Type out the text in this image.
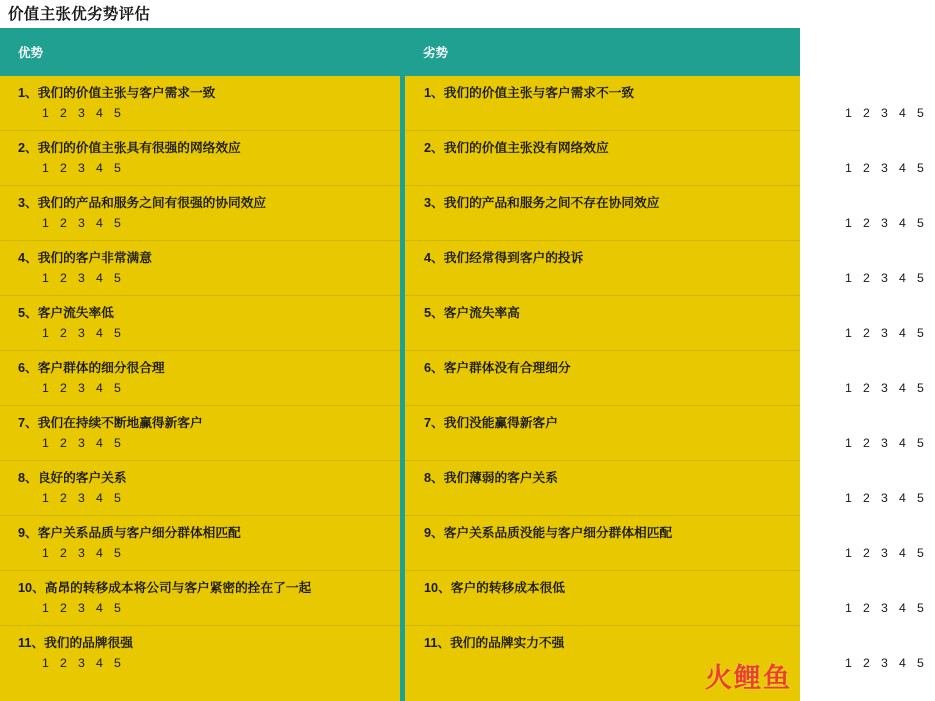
价值主张优劣势评估
优势
1、我们的价值主张与客户需求一致
1 2 3 4 5
2、我们的价值主张具有很强的网络效应
1 2 3 4 5
3、我们的产品和服务之间有很强的协同效应
1 2 3 4 5
4、我们的客户非常满意
1 2 3 4 5
5、客户流失率低
1 2 3 4 5
6、客户群体的细分很合理
1 2 3 4 5
7、我们在持续不断地赢得新客户
1 2 3 4 5
8、良好的客户关系
1 2 3 4 5
9、客户关系品质与客户细分群体相匹配
1 2 3 4 5
10、高昂的转移成本将公司与客户紧密的拴在了一起
1 2 3 4 5
11、我们的品牌很强
1 2 3 4 5
劣势
1、我们的价值主张与客户需求不一致
1 2 3 4 5
2、我们的价值主张没有网络效应
1 2 3 4 5
3、我们的产品和服务之间不存在协同效应
1 2 3 4 5
4、我们经常得到客户的投诉
1 2 3 4 5
5、客户流失率高
1 2 3 4 5
6、客户群体没有合理细分
1 2 3 4 5
7、我们没能赢得新客户
1 2 3 4 5
8、我们薄弱的客户关系
1 2 3 4 5
9、客户关系品质没能与客户细分群体相匹配
1 2 3 4 5
10、客户的转移成本很低
1 2 3 4 5
11、我们的品牌实力不强
1 2 3 4 5
火鲤鱼
